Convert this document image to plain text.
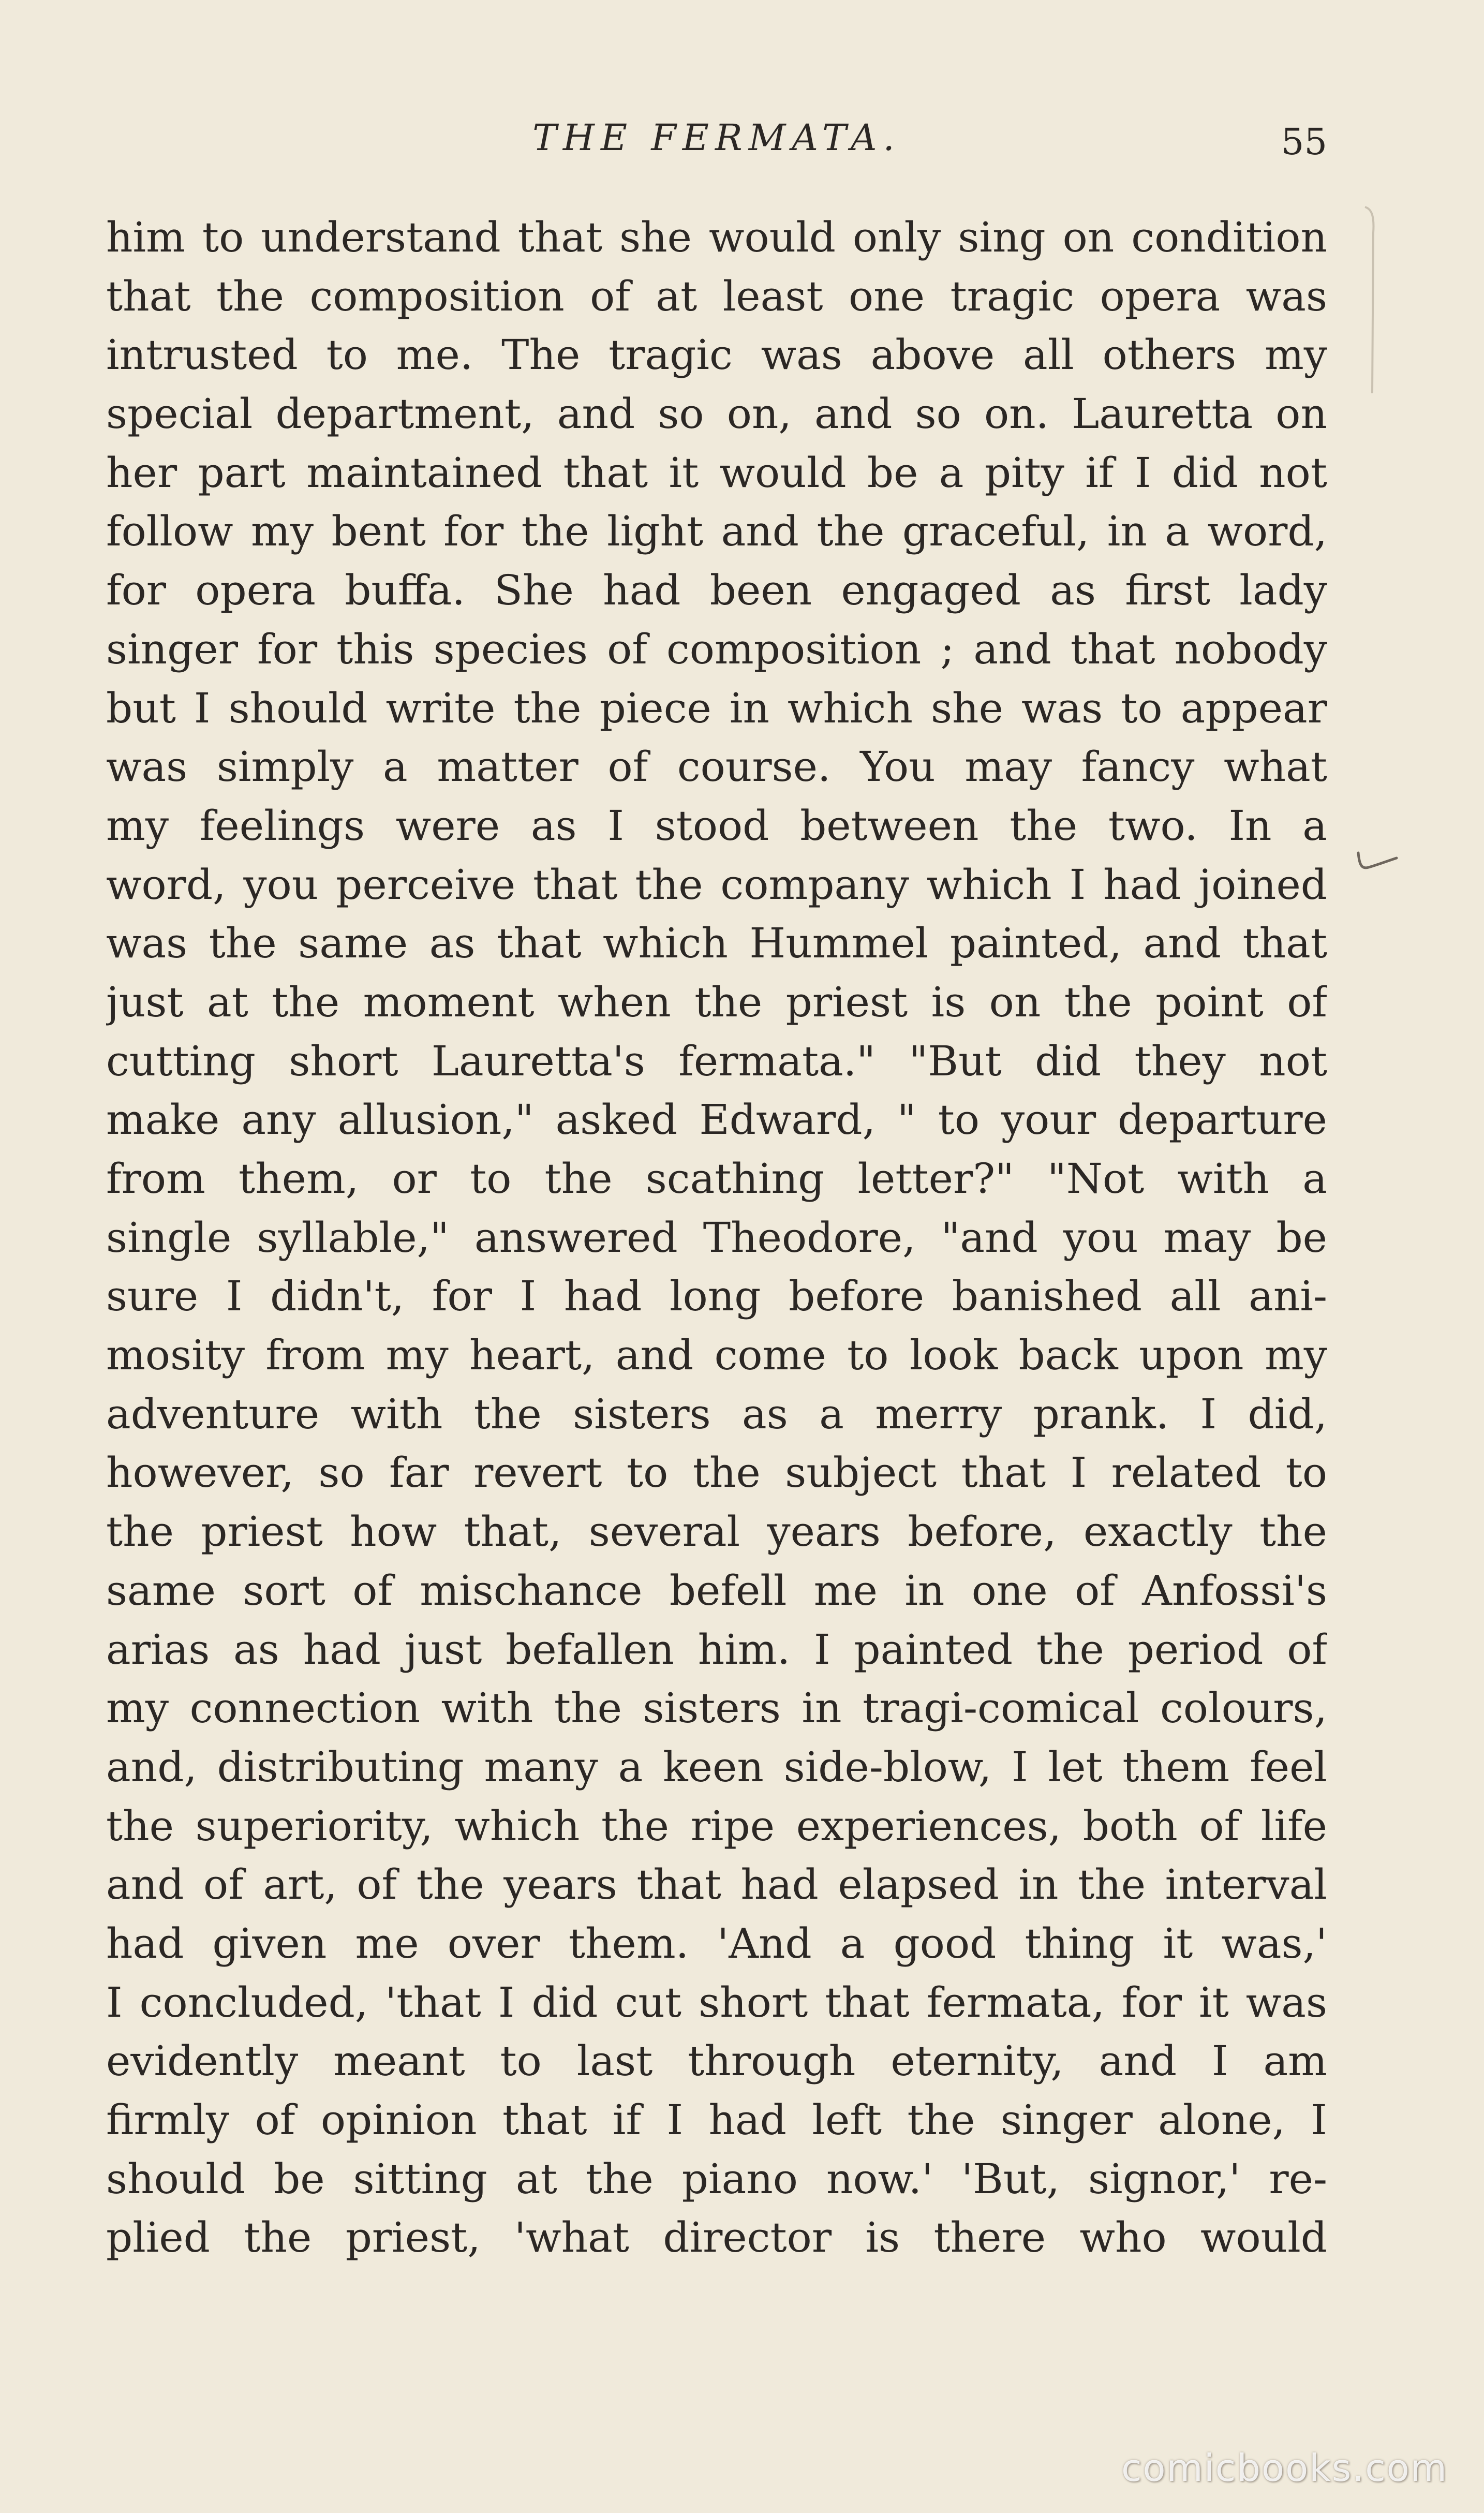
THE FERMATA.	55
him to understand that she would only sing on condition
that the composition of at least one tragic opera was
intrusted to me. The tragic was above all others my
special department, and so on, and so on. Lauretta on
her part maintained that it would be a pity if I did not
follow my bent for the light and the graceful, in a word,
for opera buffa. She had been engaged as first lady
singer for this species of composition ; and that nobody
but I should write the piece in which she was to appear
was simply a matter of course. You may fancy what
my feelings were as I stood between the two. In a
word, you perceive that the company which I had joined
was the same as that which Hummel painted, and that
just at the moment when the priest is on the point of
cutting short Lauretta's fermata." "But did they not
make any allusion," asked Edward, " to your departure
from them, or to the scathing letter?" "Not with a
single syllable," answered Theodore, "and you may be
sure I didn't, for I had long before banished all ani-
mosity from my heart, and come to look back upon my
adventure with the sisters as a merry prank. I did,
however, so far revert to the subject that I related to
the priest how that, several years before, exactly the
same sort of mischance befell me in one of Anfossi's
arias as had just befallen him. I painted the period of
my connection with the sisters in tragi-comical colours,
and, distributing many a keen side-blow, I let them feel
the superiority, which the ripe experiences, both of life
and of art, of the years that had elapsed in the interval
had given me over them. 'And a good thing it was,'
I concluded, 'that I did cut short that fermata, for it was
evidently meant to last through eternity, and I am
firmly of opinion that if I had left the singer alone, I
should be sitting at the piano now.' 'But, signor,' re-
plied the priest, 'what director is there who would
comicbooks.com
